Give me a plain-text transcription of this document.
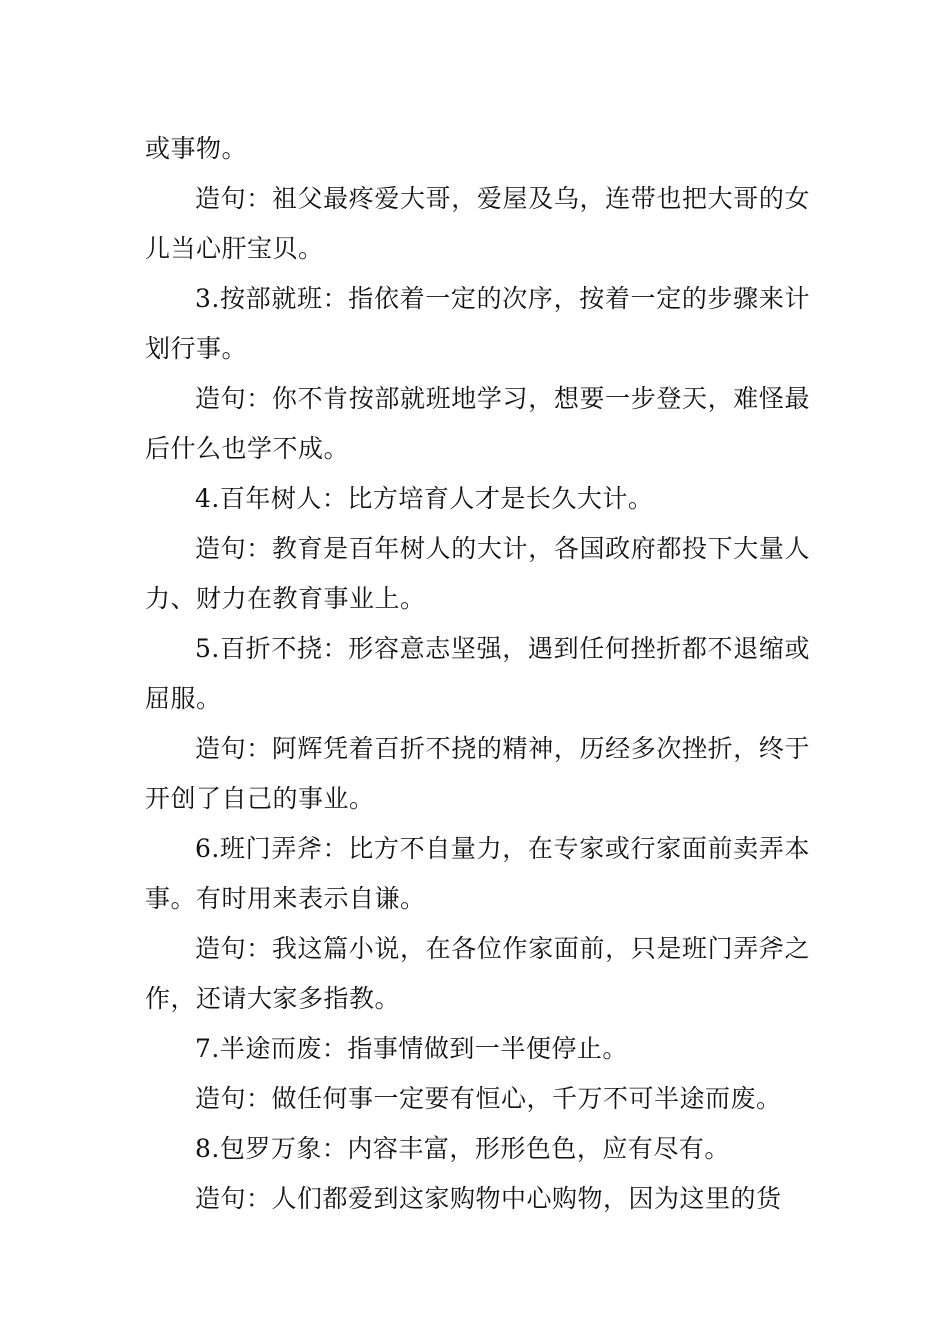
或事物。

造句：祖父最疼爱大哥，爱屋及乌，连带也把大哥的女儿当心肝宝贝。

3.按部就班：指依着一定的次序，按着一定的步骤来计划行事。

造句：你不肯按部就班地学习，想要一步登天，难怪最后什么也学不成。

4.百年树人：比方培育人才是长久大计。

造句：教育是百年树人的大计，各国政府都投下大量人力、财力在教育事业上。

5.百折不挠：形容意志坚强，遇到任何挫折都不退缩或屈服。

造句：阿辉凭着百折不挠的精神，历经多次挫折，终于开创了自己的事业。

6.班门弄斧：比方不自量力，在专家或行家面前卖弄本事。有时用来表示自谦。

造句：我这篇小说，在各位作家面前，只是班门弄斧之作，还请大家多指教。

7.半途而废：指事情做到一半便停止。

造句：做任何事一定要有恒心，千万不可半途而废。

8.包罗万象：内容丰富，形形色色，应有尽有。

造句：人们都爱到这家购物中心购物，因为这里的货
